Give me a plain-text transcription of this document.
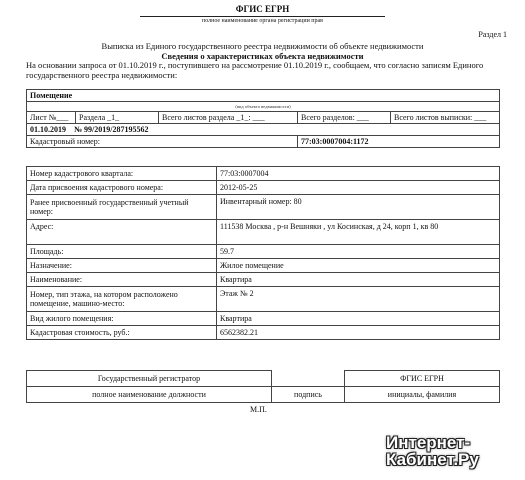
ФГИС ЕГРН
полное наименование органа регистрации прав
Раздел 1
Выписка из Единого государственного реестра недвижимости об объекте недвижимости
Сведения о характеристиках объекта недвижимости
На основании запроса от 01.10.2019 г., поступившего на рассмотрение 01.10.2019 г., сообщаем, что согласно записям Единого государственного реестра недвижимости:
Помещение				
(вид объекта недвижимости)				
Лист №___	Раздела _1_	Всего листов раздела _1_: ___	Всего разделов: ___	Всего листов выписки: ___
01.10.2019 № 99/2019/287195562				
Кадастровый номер:			77:03:0007004:1172	
Номер кадастрового квартала:	77:03:0007004
Дата присвоения кадастрового номера:	2012-05-25
Ранее присвоенный государственный учетный номер:	Инвентарный номер: 80
Адрес:	111538 Москва , р-н Вешняки , ул Косинская, д 24, корп 1, кв 80
Площадь:	59.7
Назначение:	Жилое помещение
Наименование:	Квартира
Номер, тип этажа, на котором расположено помещение, машино-место:	Этаж № 2
Вид жилого помещения:	Квартира
Кадастровая стоимость, руб.:	6562382.21
Государственный регистратор		ФГИС ЕГРН
полное наименование должности	подпись	инициалы, фамилия
М.П.
Интернет-
Кабинет.Ру
